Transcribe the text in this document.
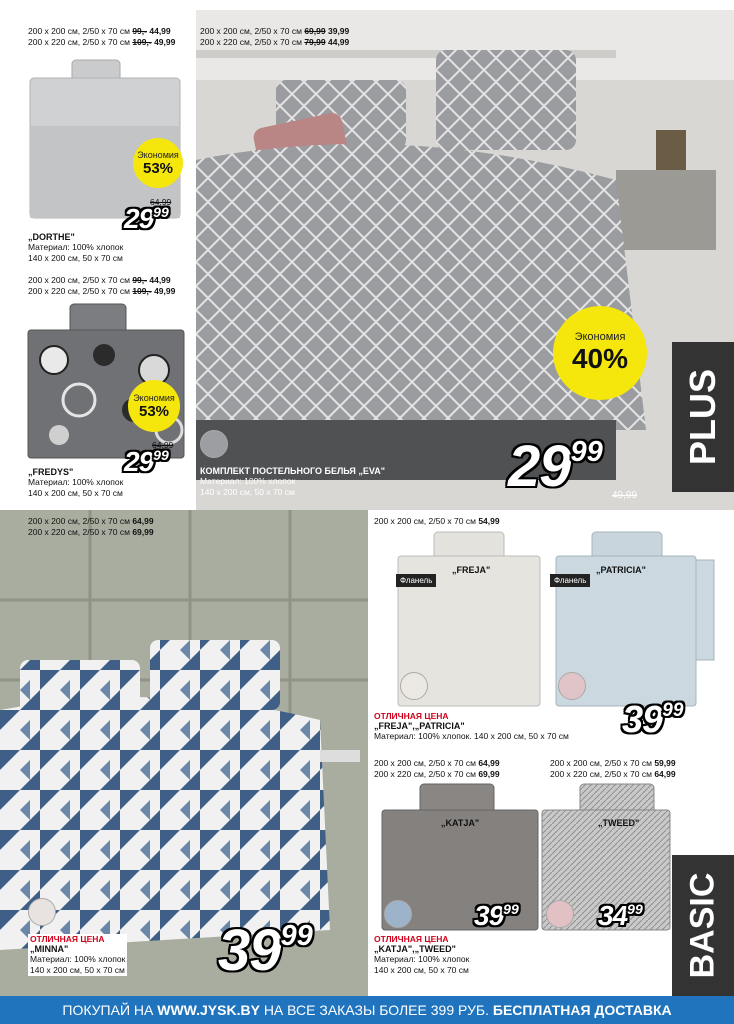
200 x 200 см, 2/50 x 70 см 99,- 44,99
200 x 220 см, 2/50 x 70 см 109,- 49,99
Экономия
53%
64,99
$29^{99}$
„DORTHE"
Материал: 100% хлопок
140 x 200 см, 50 x 70 см
200 x 200 см, 2/50 x 70 см 99,- 44,99
200 x 220 см, 2/50 x 70 см 109,- 49,99
Экономия
53%
64,99
$29^{99}$
„FREDYS"
Материал: 100% хлопок
140 x 200 см, 50 x 70 см
200 x 200 см, 2/50 x 70 см 69,99 39,99
200 x 220 см, 2/50 x 70 см 79,99 44,99
Экономия
40%
$29^{99}$
49,99
КОМПЛЕКТ ПОСТЕЛЬНОГО БЕЛЬЯ „EVA"
Материал: 100% хлопок
140 x 200 см, 50 x 70 см
PLUS
200 x 200 см, 2/50 x 70 см 64,99
200 x 220 см, 2/50 x 70 см 69,99
ОТЛИЧНАЯ ЦЕНА
„MINNA"
Материал: 100% хлопок
140 x 200 см, 50 x 70 см $39^{99}$
200 x 200 см, 2/50 x 70 см 54,99
„FREJA"	„PATRICIA"
Фланель	Фланель
ОТЛИЧНАЯ ЦЕНА
„FREJA",„PATRICIA"
Материал: 100% хлопок. 140 x 200 см, 50 x 70 см $39^{99}$
200 x 200 см, 2/50 x 70 см 64,99
200 x 220 см, 2/50 x 70 см 69,99
200 x 200 см, 2/50 x 70 см 59,99
200 x 220 см, 2/50 x 70 см 64,99
„KATJA"	„TWEED"
$39^{99}$	$34^{99}$
ОТЛИЧНАЯ ЦЕНА
„KATJA",„TWEED"
Материал: 100% хлопок
140 x 200 см, 50 x 70 см	BASIC
ПОКУПАЙ НА
WWW.JYSK.BY
НА ВСЕ ЗАКАЗЫ БОЛЕЕ 399 РУБ.
БЕСПЛАТНАЯ ДОСТАВКА
